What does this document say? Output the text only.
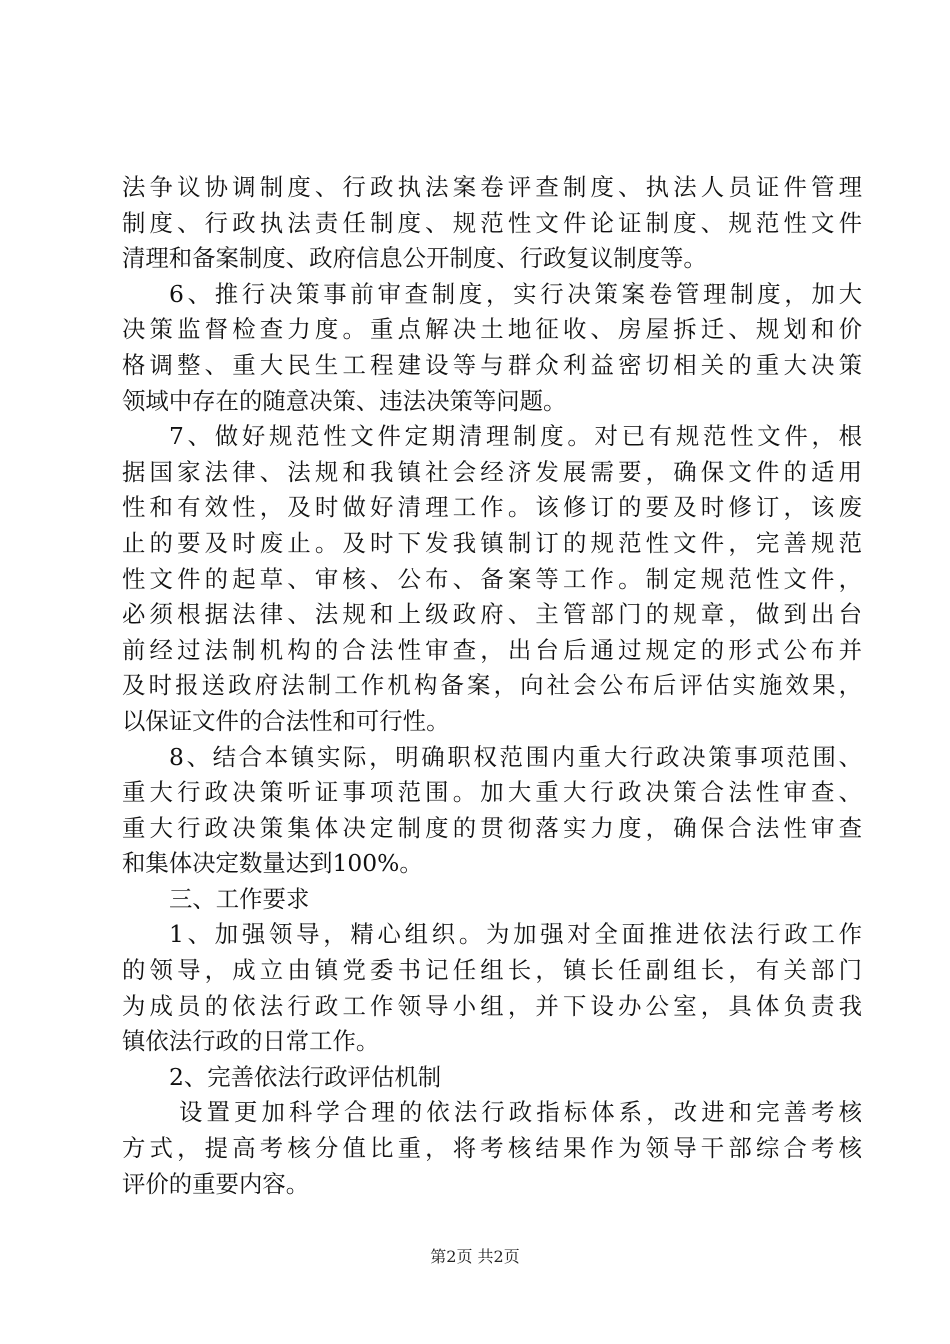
法争议协调制度、行政执法案卷评查制度、执法人员证件管理
制度、行政执法责任制度、规范性文件论证制度、规范性文件
清理和备案制度、政府信息公开制度、行政复议制度等。
6、推行决策事前审查制度，实行决策案卷管理制度，加大
决策监督检查力度。重点解决土地征收、房屋拆迁、规划和价
格调整、重大民生工程建设等与群众利益密切相关的重大决策
领域中存在的随意决策、违法决策等问题。
7、做好规范性文件定期清理制度。对已有规范性文件，根
据国家法律、法规和我镇社会经济发展需要，确保文件的适用
性和有效性，及时做好清理工作。该修订的要及时修订，该废
止的要及时废止。及时下发我镇制订的规范性文件，完善规范
性文件的起草、审核、公布、备案等工作。制定规范性文件，
必须根据法律、法规和上级政府、主管部门的规章，做到出台
前经过法制机构的合法性审查，出台后通过规定的形式公布并
及时报送政府法制工作机构备案，向社会公布后评估实施效果，
以保证文件的合法性和可行性。
8、结合本镇实际，明确职权范围内重大行政决策事项范围、
重大行政决策听证事项范围。加大重大行政决策合法性审查、
重大行政决策集体决定制度的贯彻落实力度，确保合法性审查
和集体决定数量达到100%。
三、工作要求
1、加强领导，精心组织。为加强对全面推进依法行政工作
的领导，成立由镇党委书记任组长，镇长任副组长，有关部门
为成员的依法行政工作领导小组，并下设办公室，具体负责我
镇依法行政的日常工作。
2、完善依法行政评估机制
设置更加科学合理的依法行政指标体系，改进和完善考核
方式，提高考核分值比重，将考核结果作为领导干部综合考核
评价的重要内容。
第2页 共2页
